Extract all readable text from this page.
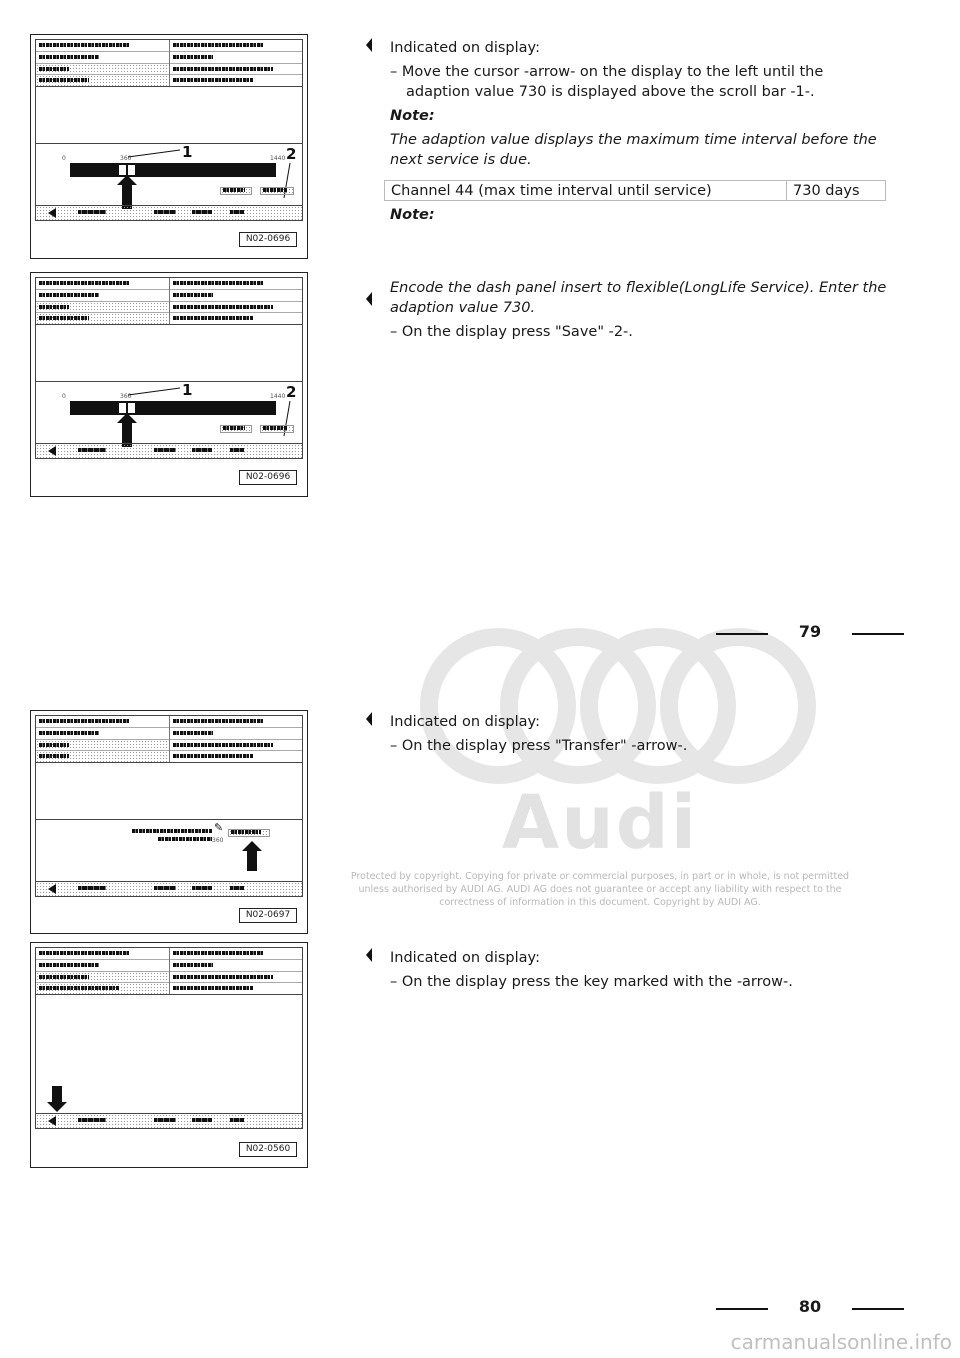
0	360	1440
1	2
N02-0696
0	360	1440
1	2
N02-0696
✎
360
N02-0697
N02-0560
Audi
Protected by copyright. Copying for private or commercial purposes, in part or in whole, is not permitted unless authorised by AUDI AG. AUDI AG does not guarantee or accept any liability with respect to the correctness of information in this document. Copyright by AUDI AG.

Indicated on display:

– Move the cursor -arrow- on the display to the left until the adaption value 730 is displayed above the scroll bar -1-.

Note:

The adaption value displays the maximum time interval before the next service is due.

Channel 44 (max time interval until service)	730 days

Note:

Encode the dash panel insert to flexible(LongLife Service). Enter the adaption value 730.

– On the display press "Save" -2-.

79

Indicated on display:

– On the display press "Transfer" -arrow-.

Indicated on display:

– On the display press the key marked with the -arrow-.

80
carmanualsonline.info
